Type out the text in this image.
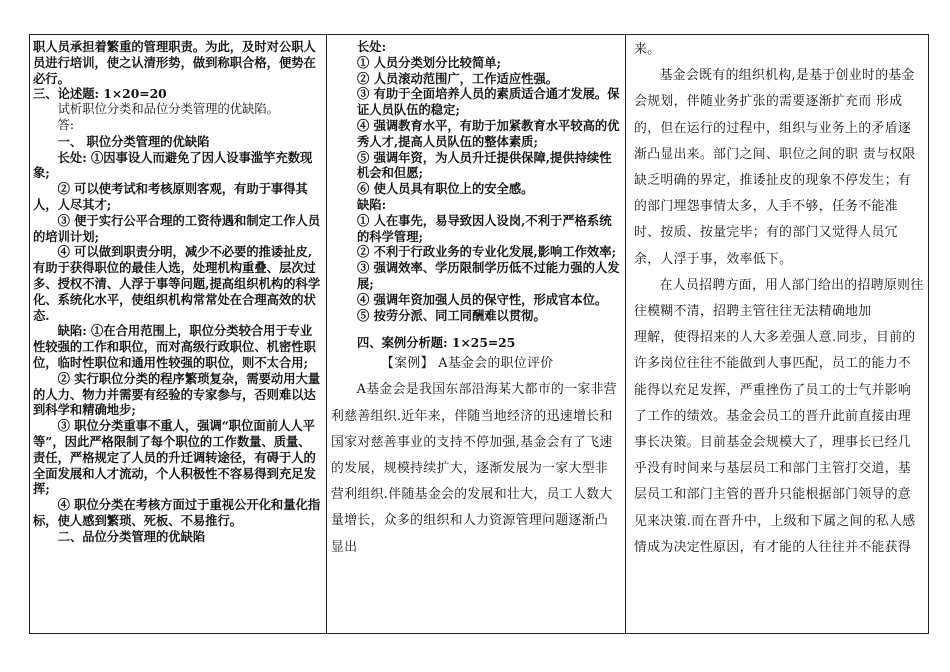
职人员承担着繁重的管理职责。为此，及时对公职人员进行培训，使之认清形势，做到称职合格，便势在必行。

三、论述题: 1×20=20

试析职位分类和品位分类管理的优缺陷。

答:

一、 职位分类管理的优缺陷

长处: ①因事设人而避免了因人设事滥竽充数现象;

② 可以使考试和考核原则客观，有助于事得其人，人尽其才;

③ 便于实行公平合理的工资待遇和制定工作人员的培训计划;

④ 可以做到职责分明，减少不必要的推诿扯皮,有助于获得职位的最佳人选，处理机构重叠、层次过多、授权不清、人浮于事等问题,提高组织机构的科学化、系统化水平，使组织机构常常处在合理高效的状态.

缺陷: ①在合用范围上，职位分类较合用于专业性较强的工作和职位，而对高级行政职位、机密性职位，临时性职位和通用性较强的职位，则不太合用;

② 实行职位分类的程序繁琐复杂，需要动用大量的人力、物力并需要有经验的专家参与，否则难以达到科学和精确地步;

③ 职位分类重事不重人，强调“职位面前人人平等”，因此严格限制了每个职位的工作数量、质量、责任，严格规定了人员的升迁调转途径，有碍于人的全面发展和人才流动，个人积极性不容易得到充足发挥;

④ 职位分类在考核方面过于重视公开化和量化指标，使人感到繁琐、死板、不易推行。

二、品位分类管理的优缺陷

长处:

① 人员分类划分比较简单;

② 人员滚动范围广，工作适应性强。

③ 有助于全面培养人员的素质适合通才发展。保证人员队伍的稳定;

④ 强调教育水平，有助于加紧教育水平较高的优秀人才,提高人员队伍的整体素质;

⑤ 强调年资，为人员升迁提供保障,提供持续性机会和但愿;

⑥ 使人员具有职位上的安全感。

缺陷:

① 人在事先，易导致因人设岗,不利于严格系统的科学管理;

② 不利于行政业务的专业化发展,影响工作效率;

③ 强调效率、学历限制学历低不过能力强的人发展;

④ 强调年资加强人员的保守性，形成官本位。

⑤ 按劳分派、同工同酬难以贯彻。

四、案例分析题: 1×25=25

【案例】 A基金会的职位评价

A基金会是我国东部沿海某大都市的一家非营利慈善组织.近年来，伴随当地经济的迅速增长和国家对慈善事业的支持不停加强,基金会有了飞速的发展，规模持续扩大，逐渐发展为一家大型非营利组织.伴随基金会的发展和壮大，员工人数大量增长，众多的组织和人力资源管理问题逐渐凸显出

来。

基金会既有的组织机构,是基于创业时的基金会规划，伴随业务扩张的需要逐渐扩充而 形成的，但在运行的过程中，组织与业务上的矛盾逐渐凸显出来。部门之间、职位之间的职 责与权限缺乏明确的界定，推诿扯皮的现象不停发生；有的部门埋怨事情太多，人手不够，任务不能准时、按质、按量完毕；有的部门又觉得人员冗余，人浮于事，效率低下。

在人员招聘方面，用人部门给出的招聘原则往往模糊不清，招聘主管往往无法精确地加

理解，使得招来的人大多差强人意.同步，目前的许多岗位往往不能做到人事匹配，员工的能力不能得以充足发挥，严重挫伤了员工的士气并影响了工作的绩效。基金会员工的晋升此前直接由理事长决策。目前基金会规模大了，理事长已经几乎没有时间来与基层员工和部门主管打交道，基层员工和部门主管的晋升只能根据部门领导的意见来决策.而在晋升中，上级和下属之间的私人感情成为决定性原因，有才能的人往往并不能获得
